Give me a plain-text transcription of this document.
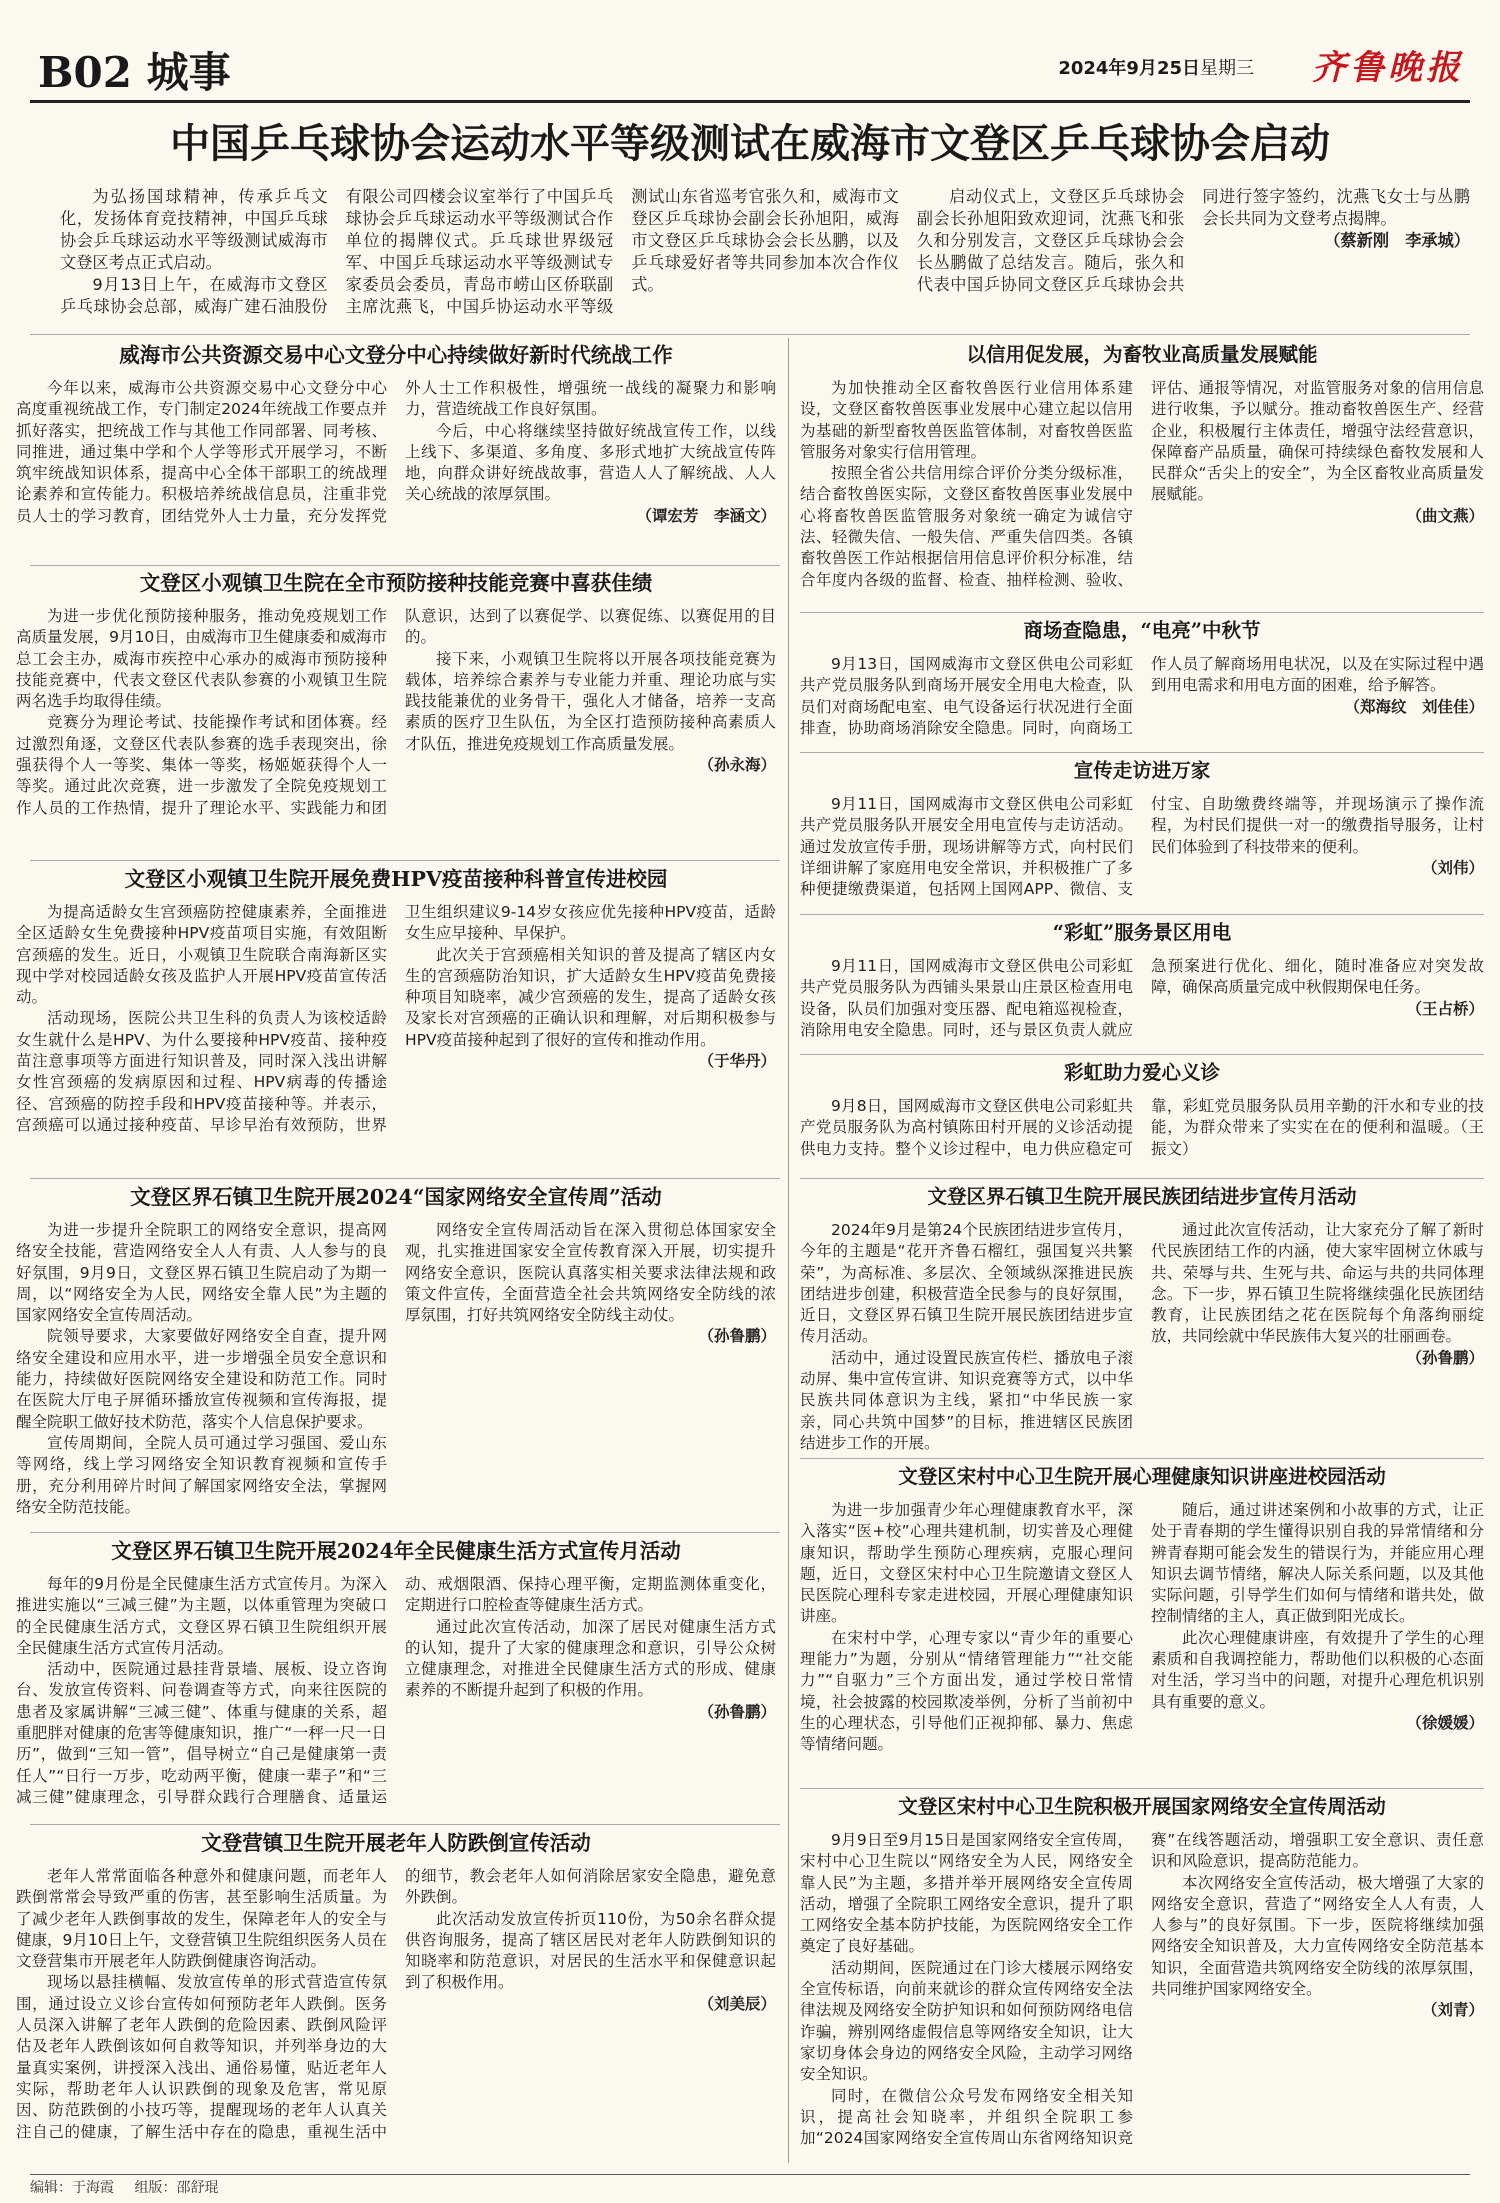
B02 城事	2024年9月25日 星期三 齐鲁晚报
中国乒乓球协会运动水平等级测试在威海市文登区乒乓球协会启动

为弘扬国球精神，传承乒乓文化，发扬体育竞技精神，中国乒乓球协会乒乓球运动水平等级测试威海市文登区考点正式启动。

9月13日上午，在威海市文登区乒乓球协会总部，威海广建石油股份有限公司四楼会议室举行了中国乒乓球协会乒乓球运动水平等级测试合作单位的揭牌仪式。乒乓球世界级冠军、中国乒乓球运动水平等级测试专家委员会委员，青岛市崂山区侨联副主席沈燕飞，中国乒协运动水平等级测试山东省巡考官张久和，威海市文登区乒乓球协会副会长孙旭阳，威海市文登区乒乓球协会会长丛鹏，以及乒乓球爱好者等共同参加本次合作仪式。

启动仪式上，文登区乒乓球协会副会长孙旭阳致欢迎词，沈燕飞和张久和分别发言，文登区乒乓球协会会长丛鹏做了总结发言。随后，张久和代表中国乒协同文登区乒乓球协会共同进行签字签约，沈燕飞女士与丛鹏会长共同为文登考点揭牌。

（蔡新刚　李承城）

威海市公共资源交易中心文登分中心持续做好新时代统战工作

今年以来，威海市公共资源交易中心文登分中心高度重视统战工作，专门制定2024年统战工作要点并抓好落实，把统战工作与其他工作同部署、同考核、同推进，通过集中学和个人学等形式开展学习，不断筑牢统战知识体系，提高中心全体干部职工的统战理论素养和宣传能力。积极培养统战信息员，注重非党员人士的学习教育，团结党外人士力量，充分发挥党外人士工作积极性，增强统一战线的凝聚力和影响力，营造统战工作良好氛围。

今后，中心将继续坚持做好统战宣传工作，以线上线下、多渠道、多角度、多形式地扩大统战宣传阵地，向群众讲好统战故事，营造人人了解统战、人人关心统战的浓厚氛围。

（谭宏芳　李涵文）

文登区小观镇卫生院在全市预防接种技能竞赛中喜获佳绩

为进一步优化预防接种服务，推动免疫规划工作高质量发展，9月10日，由威海市卫生健康委和威海市总工会主办，威海市疾控中心承办的威海市预防接种技能竞赛中，代表文登区代表队参赛的小观镇卫生院两名选手均取得佳绩。

竞赛分为理论考试、技能操作考试和团体赛。经过激烈角逐，文登区代表队参赛的选手表现突出，徐强获得个人一等奖、集体一等奖，杨姬姬获得个人一等奖。通过此次竞赛，进一步激发了全院免疫规划工作人员的工作热情，提升了理论水平、实践能力和团队意识，达到了以赛促学、以赛促练、以赛促用的目的。

接下来，小观镇卫生院将以开展各项技能竞赛为载体，培养综合素养与专业能力并重、理论功底与实践技能兼优的业务骨干，强化人才储备，培养一支高素质的医疗卫生队伍，为全区打造预防接种高素质人才队伍，推进免疫规划工作高质量发展。

（孙永海）

文登区小观镇卫生院开展免费HPV疫苗接种科普宣传进校园

为提高适龄女生宫颈癌防控健康素养，全面推进全区适龄女生免费接种HPV疫苗项目实施，有效阻断宫颈癌的发生。近日，小观镇卫生院联合南海新区实现中学对校园适龄女孩及监护人开展HPV疫苗宣传活动。

活动现场，医院公共卫生科的负责人为该校适龄女生就什么是HPV、为什么要接种HPV疫苗、接种疫苗注意事项等方面进行知识普及，同时深入浅出讲解女性宫颈癌的发病原因和过程、HPV病毒的传播途径、宫颈癌的防控手段和HPV疫苗接种等。并表示，宫颈癌可以通过接种疫苗、早诊早治有效预防，世界卫生组织建议9-14岁女孩应优先接种HPV疫苗，适龄女生应早接种、早保护。

此次关于宫颈癌相关知识的普及提高了辖区内女生的宫颈癌防治知识，扩大适龄女生HPV疫苗免费接种项目知晓率，减少宫颈癌的发生，提高了适龄女孩及家长对宫颈癌的正确认识和理解，对后期积极参与HPV疫苗接种起到了很好的宣传和推动作用。

（于华丹）

文登区界石镇卫生院开展2024“国家网络安全宣传周”活动

为进一步提升全院职工的网络安全意识，提高网络安全技能，营造网络安全人人有责、人人参与的良好氛围，9月9日，文登区界石镇卫生院启动了为期一周，以“网络安全为人民，网络安全靠人民”为主题的国家网络安全宣传周活动。

院领导要求，大家要做好网络安全自查，提升网络安全建设和应用水平，进一步增强全员安全意识和能力，持续做好医院网络安全建设和防范工作。同时在医院大厅电子屏循环播放宣传视频和宣传海报，提醒全院职工做好技术防范，落实个人信息保护要求。

宣传周期间，全院人员可通过学习强国、爱山东等网络，线上学习网络安全知识教育视频和宣传手册，充分利用碎片时间了解国家网络安全法，掌握网络安全防范技能。

网络安全宣传周活动旨在深入贯彻总体国家安全观，扎实推进国家安全宣传教育深入开展，切实提升网络安全意识，医院认真落实相关要求法律法规和政策文件宣传，全面营造全社会共筑网络安全防线的浓厚氛围，打好共筑网络安全防线主动仗。

（孙鲁鹏）

文登区界石镇卫生院开展2024年全民健康生活方式宣传月活动

每年的9月份是全民健康生活方式宣传月。为深入推进实施以“三减三健”为主题，以体重管理为突破口的全民健康生活方式，文登区界石镇卫生院组织开展全民健康生活方式宣传月活动。

活动中，医院通过悬挂背景墙、展板、设立咨询台、发放宣传资料、问卷调查等方式，向来往医院的患者及家属讲解“三减三健”、体重与健康的关系，超重肥胖对健康的危害等健康知识，推广“一秤一尺一日历”，做到“三知一管”，倡导树立“自己是健康第一责任人”“日行一万步，吃动两平衡，健康一辈子”和“三减三健”健康理念，引导群众践行合理膳食、适量运动、戒烟限酒、保持心理平衡，定期监测体重变化，定期进行口腔检查等健康生活方式。

通过此次宣传活动，加深了居民对健康生活方式的认知，提升了大家的健康理念和意识，引导公众树立健康理念，对推进全民健康生活方式的形成、健康素养的不断提升起到了积极的作用。

（孙鲁鹏）

文登营镇卫生院开展老年人防跌倒宣传活动

老年人常常面临各种意外和健康问题，而老年人跌倒常常会导致严重的伤害，甚至影响生活质量。为了减少老年人跌倒事故的发生，保障老年人的安全与健康，9月10日上午，文登营镇卫生院组织医务人员在文登营集市开展老年人防跌倒健康咨询活动。

现场以悬挂横幅、发放宣传单的形式营造宣传氛围，通过设立义诊台宣传如何预防老年人跌倒。医务人员深入讲解了老年人跌倒的危险因素、跌倒风险评估及老年人跌倒该如何自救等知识，并列举身边的大量真实案例，讲授深入浅出、通俗易懂，贴近老年人实际，帮助老年人认识跌倒的现象及危害，常见原因、防范跌倒的小技巧等，提醒现场的老年人认真关注自己的健康，了解生活中存在的隐患，重视生活中的细节，教会老年人如何消除居家安全隐患，避免意外跌倒。

此次活动发放宣传折页110份，为50余名群众提供咨询服务，提高了辖区居民对老年人防跌倒知识的知晓率和防范意识，对居民的生活水平和保健意识起到了积极作用。

（刘美辰）

以信用促发展，为畜牧业高质量发展赋能

为加快推动全区畜牧兽医行业信用体系建设，文登区畜牧兽医事业发展中心建立起以信用为基础的新型畜牧兽医监管体制，对畜牧兽医监管服务对象实行信用管理。

按照全省公共信用综合评价分类分级标准，结合畜牧兽医实际，文登区畜牧兽医事业发展中心将畜牧兽医监管服务对象统一确定为诚信守法、轻微失信、一般失信、严重失信四类。各镇畜牧兽医工作站根据信用信息评价积分标准，结合年度内各级的监督、检查、抽样检测、验收、评估、通报等情况，对监管服务对象的信用信息进行收集，予以赋分。推动畜牧兽医生产、经营企业，积极履行主体责任，增强守法经营意识，保障畜产品质量，确保可持续绿色畜牧发展和人民群众“舌尖上的安全”，为全区畜牧业高质量发展赋能。

（曲文燕）

商场查隐患，“电亮”中秋节

9月13日，国网威海市文登区供电公司彩虹共产党员服务队到商场开展安全用电大检查，队员们对商场配电室、电气设备运行状况进行全面排查，协助商场消除安全隐患。同时，向商场工作人员了解商场用电状况，以及在实际过程中遇到用电需求和用电方面的困难，给予解答。

（郑海纹　刘佳佳）

宣传走访进万家

9月11日，国网威海市文登区供电公司彩虹共产党员服务队开展安全用电宣传与走访活动。通过发放宣传手册，现场讲解等方式，向村民们详细讲解了家庭用电安全常识，并积极推广了多种便捷缴费渠道，包括网上国网APP、微信、支付宝、自助缴费终端等，并现场演示了操作流程，为村民们提供一对一的缴费指导服务，让村民们体验到了科技带来的便利。

（刘伟）

“彩虹”服务景区用电

9月11日，国网威海市文登区供电公司彩虹共产党员服务队为西铺头果景山庄景区检查用电设备，队员们加强对变压器、配电箱巡视检查，消除用电安全隐患。同时，还与景区负责人就应急预案进行优化、细化，随时准备应对突发故障，确保高质量完成中秋假期保电任务。

（王占桥）

彩虹助力爱心义诊

9月8日，国网威海市文登区供电公司彩虹共产党员服务队为高村镇陈田村开展的义诊活动提供电力支持。整个义诊过程中，电力供应稳定可靠，彩虹党员服务队员用辛勤的汗水和专业的技能，为群众带来了实实在在的便利和温暖。（王振文）

文登区界石镇卫生院开展民族团结进步宣传月活动

2024年9月是第24个民族团结进步宣传月，今年的主题是“花开齐鲁石榴红，强国复兴共繁荣”，为高标准、多层次、全领域纵深推进民族团结进步创建，积极营造全民参与的良好氛围，近日，文登区界石镇卫生院开展民族团结进步宣传月活动。

活动中，通过设置民族宣传栏、播放电子滚动屏、集中宣传宣讲、知识竞赛等方式，以中华民族共同体意识为主线，紧扣“中华民族一家亲，同心共筑中国梦”的目标，推进辖区民族团结进步工作的开展。

通过此次宣传活动，让大家充分了解了新时代民族团结工作的内涵，使大家牢固树立休戚与共、荣辱与共、生死与共、命运与共的共同体理念。下一步，界石镇卫生院将继续强化民族团结教育，让民族团结之花在医院每个角落绚丽绽放，共同绘就中华民族伟大复兴的壮丽画卷。

（孙鲁鹏）

文登区宋村中心卫生院开展心理健康知识讲座进校园活动

为进一步加强青少年心理健康教育水平，深入落实“医+校”心理共建机制，切实普及心理健康知识，帮助学生预防心理疾病，克服心理问题，近日，文登区宋村中心卫生院邀请文登区人民医院心理科专家走进校园，开展心理健康知识讲座。

在宋村中学，心理专家以“青少年的重要心理能力”为题，分别从“情绪管理能力”“社交能力”“自驱力”三个方面出发，通过学校日常情境，社会披露的校园欺凌举例，分析了当前初中生的心理状态，引导他们正视抑郁、暴力、焦虑等情绪问题。

随后，通过讲述案例和小故事的方式，让正处于青春期的学生懂得识别自我的异常情绪和分辨青春期可能会发生的错误行为，并能应用心理知识去调节情绪，解决人际关系问题，以及其他实际问题，引导学生们如何与情绪和谐共处，做控制情绪的主人，真正做到阳光成长。

此次心理健康讲座，有效提升了学生的心理素质和自我调控能力，帮助他们以积极的心态面对生活，学习当中的问题，对提升心理危机识别具有重要的意义。

（徐媛媛）

文登区宋村中心卫生院积极开展国家网络安全宣传周活动

9月9日至9月15日是国家网络安全宣传周，宋村中心卫生院以“网络安全为人民，网络安全靠人民”为主题，多措并举开展网络安全宣传周活动，增强了全院职工网络安全意识，提升了职工网络安全基本防护技能，为医院网络安全工作奠定了良好基础。

活动期间，医院通过在门诊大楼展示网络安全宣传标语，向前来就诊的群众宣传网络安全法律法规及网络安全防护知识和如何预防网络电信诈骗，辨别网络虚假信息等网络安全知识，让大家切身体会身边的网络安全风险，主动学习网络安全知识。

同时，在微信公众号发布网络安全相关知识，提高社会知晓率，并组织全院职工参加“2024国家网络安全宣传周山东省网络知识竞赛”在线答题活动，增强职工安全意识、责任意识和风险意识，提高防范能力。

本次网络安全宣传活动，极大增强了大家的网络安全意识，营造了“网络安全人人有责，人人参与”的良好氛围。下一步，医院将继续加强网络安全知识普及，大力宣传网络安全防范基本知识，全面营造共筑网络安全防线的浓厚氛围，共同维护国家网络安全。

（刘青）

编辑：于海霞 组版：邵舒琨
